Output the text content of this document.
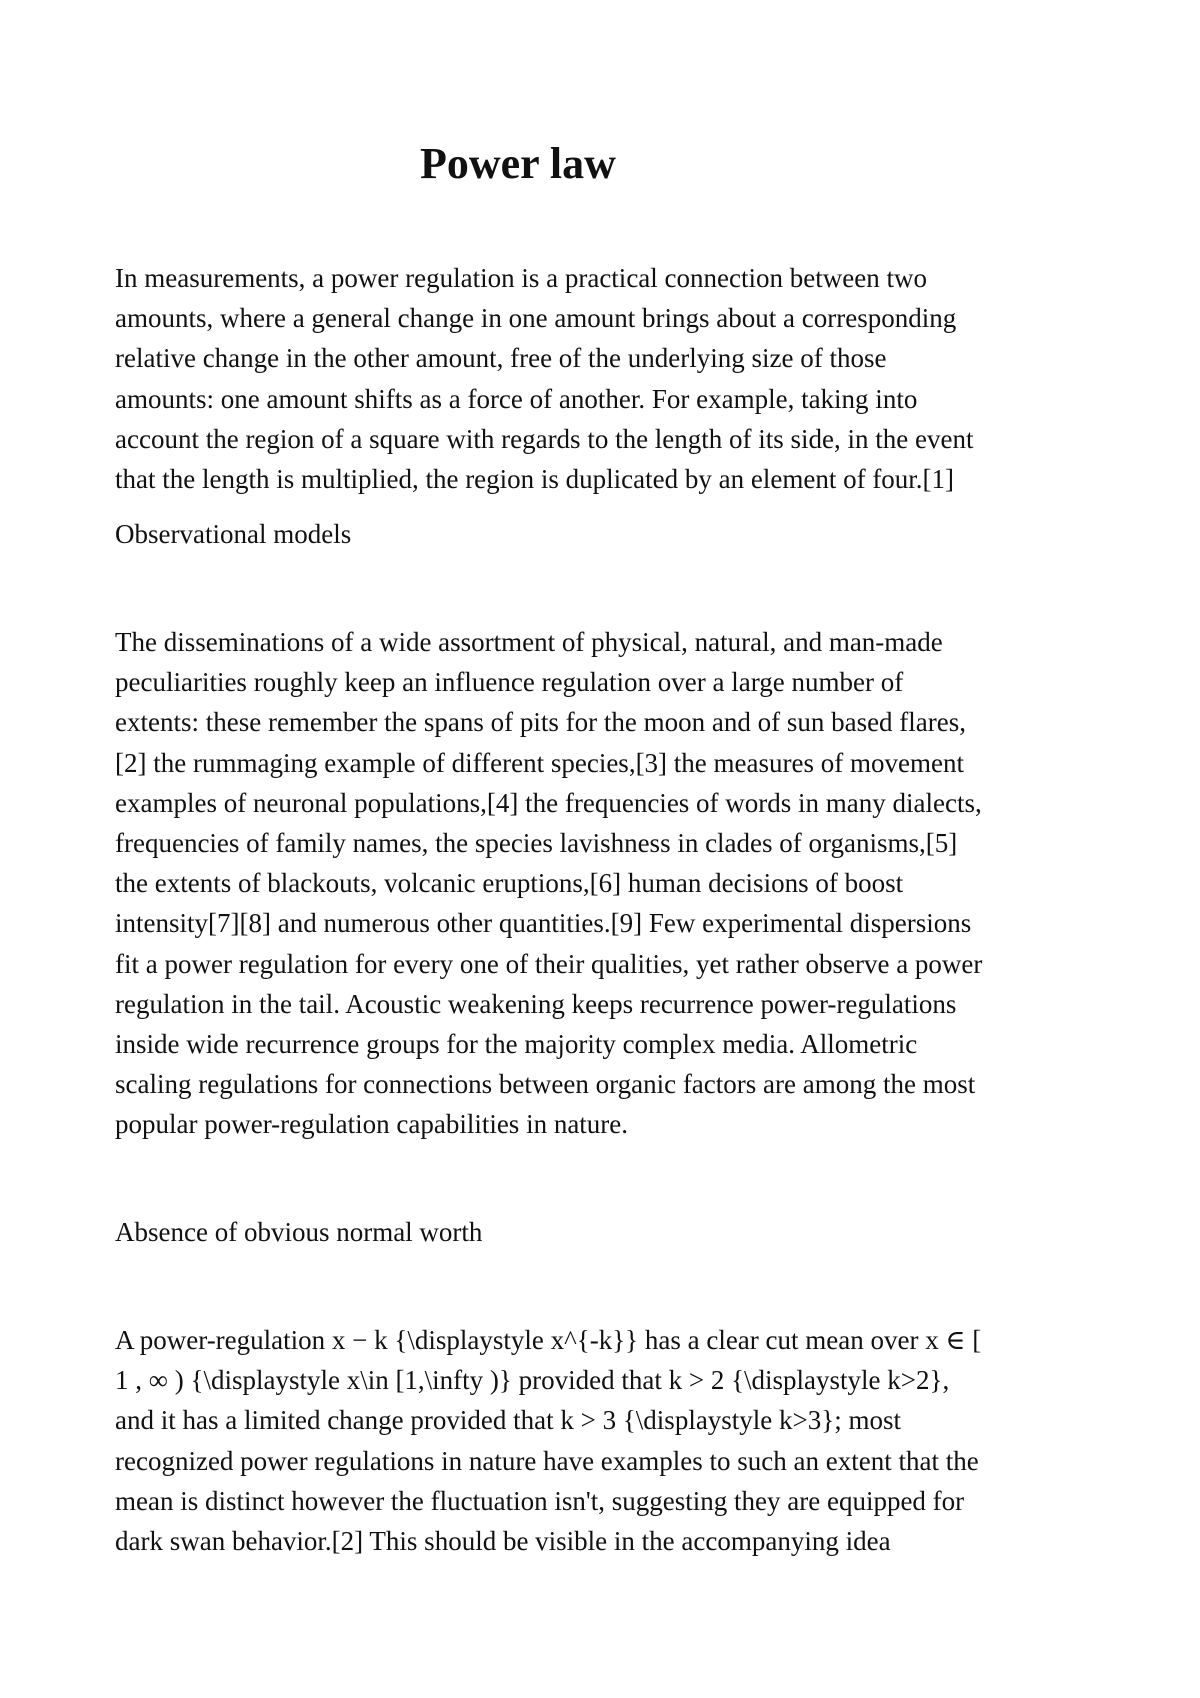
Power law

In measurements, a power regulation is a practical connection between two
amounts, where a general change in one amount brings about a corresponding
relative change in the other amount, free of the underlying size of those
amounts: one amount shifts as a force of another. For example, taking into
account the region of a square with regards to the length of its side, in the event
that the length is multiplied, the region is duplicated by an element of four.[1]

Observational models

The disseminations of a wide assortment of physical, natural, and man-made
peculiarities roughly keep an influence regulation over a large number of
extents: these remember the spans of pits for the moon and of sun based flares,
[2] the rummaging example of different species,[3] the measures of movement
examples of neuronal populations,[4] the frequencies of words in many dialects,
frequencies of family names, the species lavishness in clades of organisms,[5]
the extents of blackouts, volcanic eruptions,[6] human decisions of boost
intensity[7][8] and numerous other quantities.[9] Few experimental dispersions
fit a power regulation for every one of their qualities, yet rather observe a power
regulation in the tail. Acoustic weakening keeps recurrence power-regulations
inside wide recurrence groups for the majority complex media. Allometric
scaling regulations for connections between organic factors are among the most
popular power-regulation capabilities in nature.

Absence of obvious normal worth

A power-regulation x − k {\displaystyle x^{-k}} has a clear cut mean over x ∈ [
1 , ∞ ) {\displaystyle x\in [1,\infty )} provided that k > 2 {\displaystyle k>2},
and it has a limited change provided that k > 3 {\displaystyle k>3}; most
recognized power regulations in nature have examples to such an extent that the
mean is distinct however the fluctuation isn't, suggesting they are equipped for
dark swan behavior.[2] This should be visible in the accompanying idea
